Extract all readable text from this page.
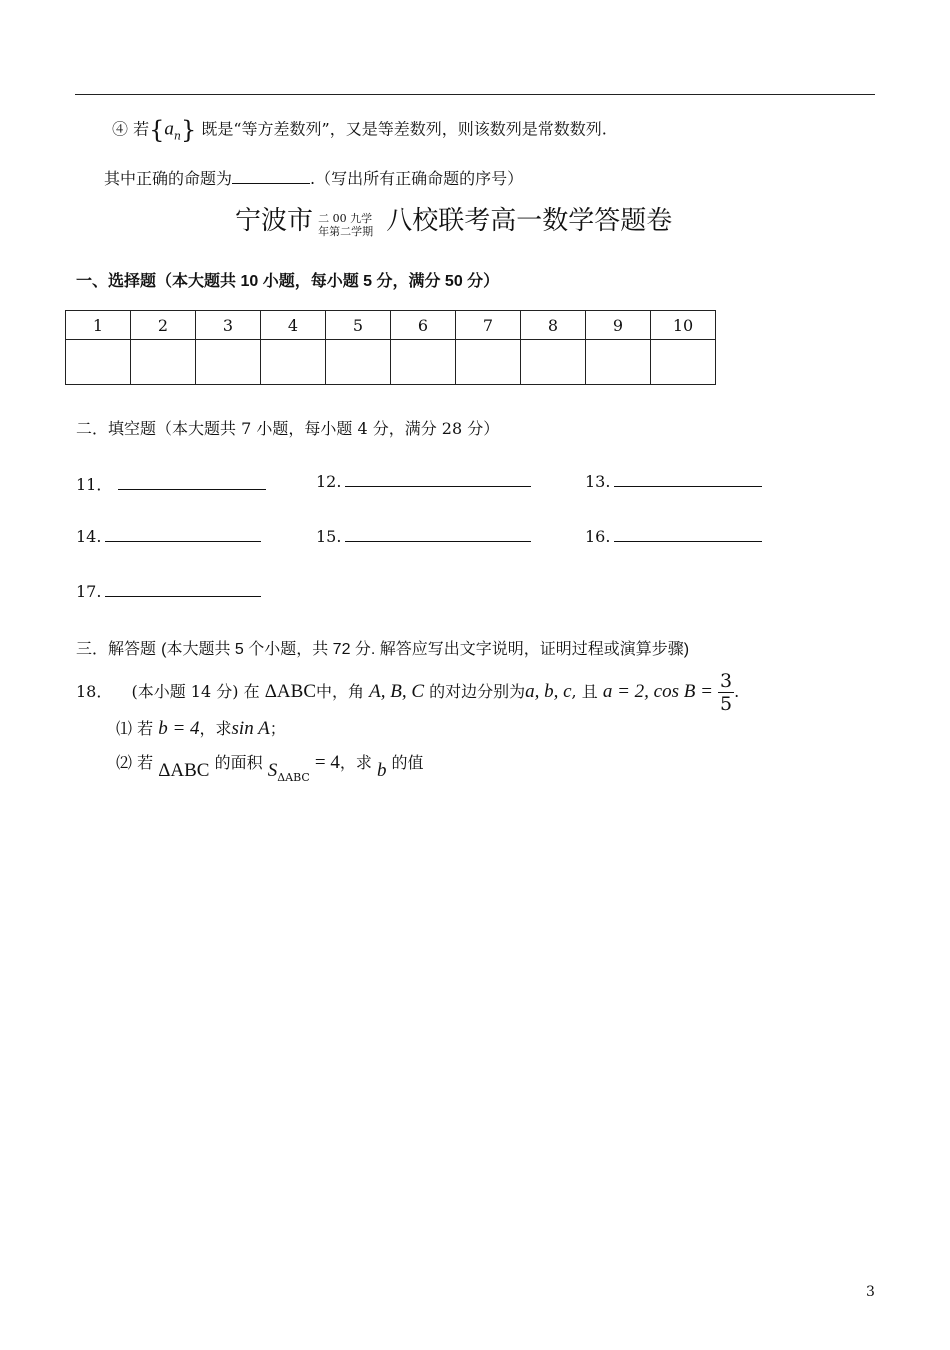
④ 若$\{a_n\}$ 既是“等方差数列”，又是等差数列，则该数列是常数数列.
其中正确的命题为	.（写出所有正确命题的序号）
宁波市 二 00 九学
年第二学期 八校联考高一数学答题卷
一、选择题（本大题共 10 小题，每小题 5 分，满分 50 分）
1	2	3	4	5	6	7	8	9	10

二．填空题（本大题共 7 小题，每小题 4 分，满分 28 分）
11．	12.	13.
14.	15.	16.
17.
三．解答题 (本大题共 5 个小题，共 72 分. 解答应写出文字说明，证明过程或演算步骤)
18． (本小题 14 分) 在 ΔABC中，角 A, B, C 的对边分别为a, b, c, 且 a = 2, $\cos B = \frac{3}{5}$ .
⑴ 若 b = 4，求sin A；
⑵ 若 ΔABC 的面积 $S_{\Delta ABC} = 4$，求 b 的值
3
